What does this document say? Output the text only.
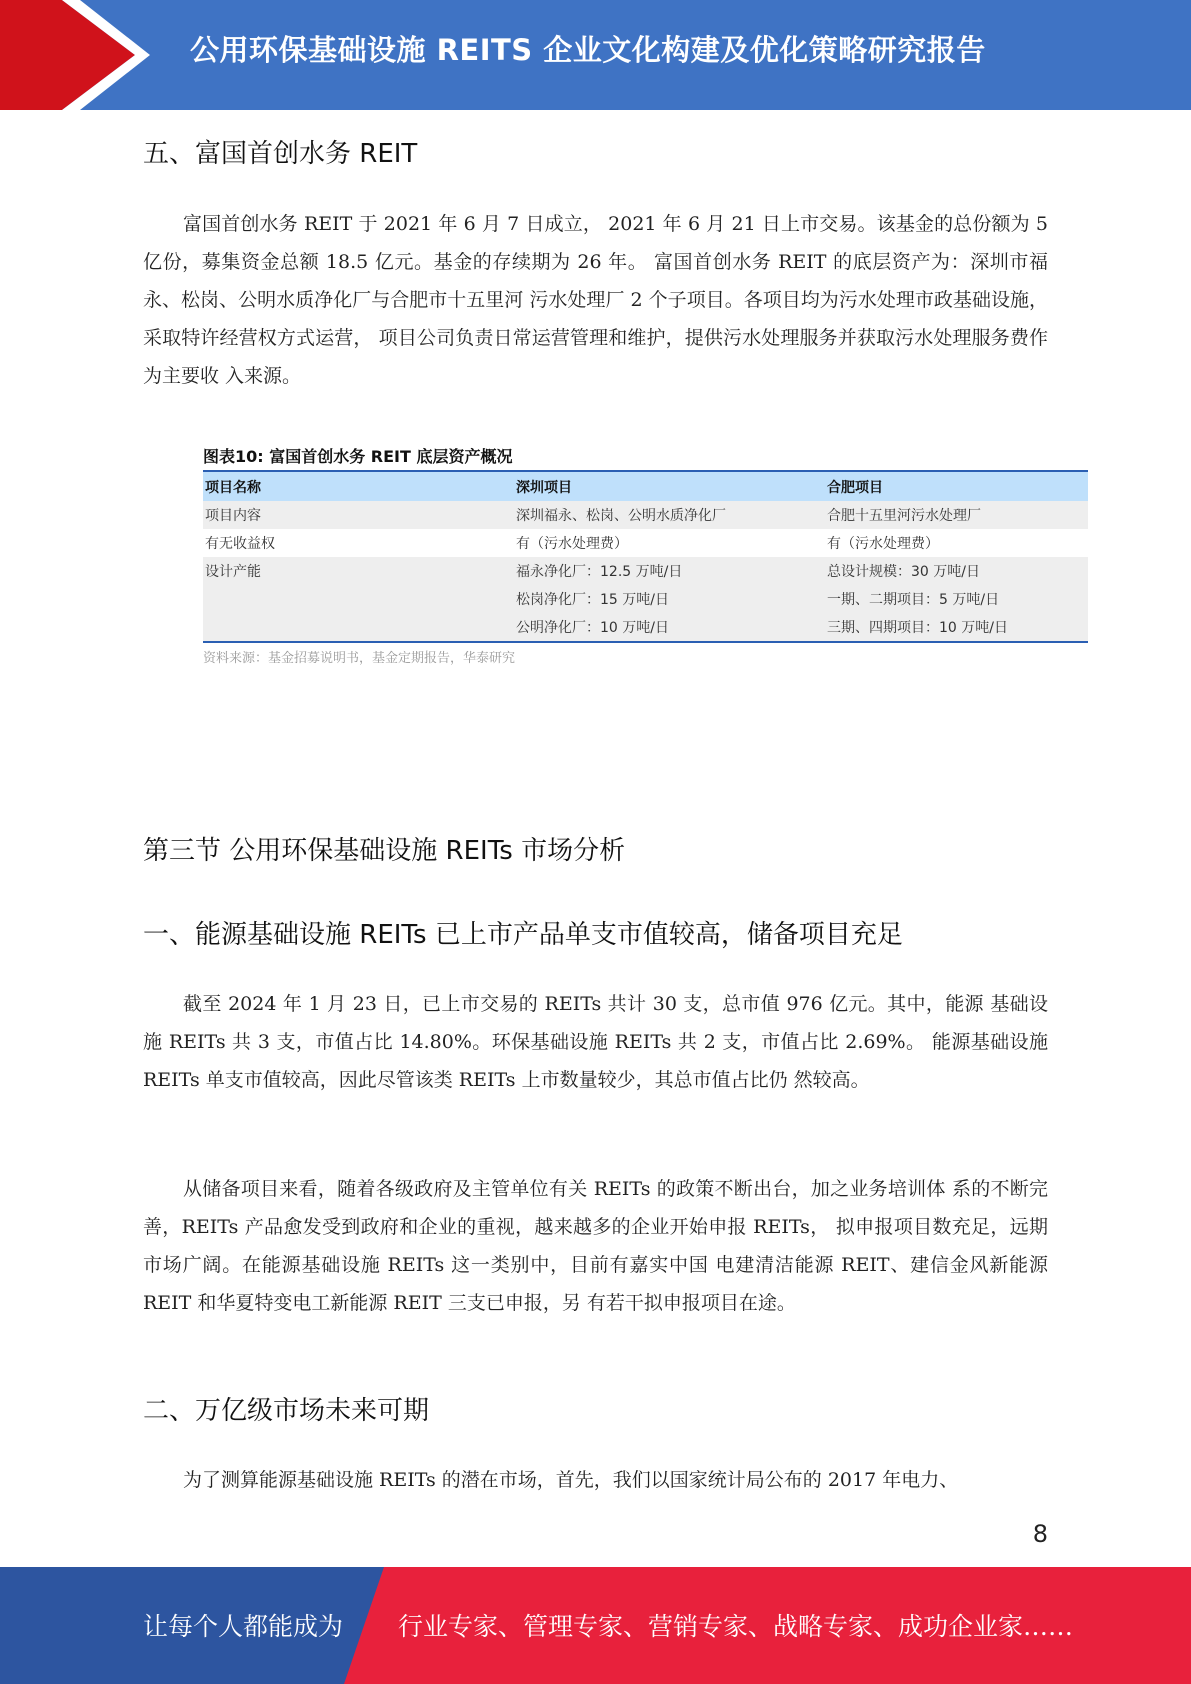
公用环保基础设施 REITS 企业文化构建及优化策略研究报告
五、富国首创水务 REIT
富国首创水务 REIT 于 2021 年 6 月 7 日成立， 2021 年 6 月 21 日上市交易。该基金的总份额为 5 亿份，募集资金总额 18.5 亿元。基金的存续期为 26 年。 富国首创水务 REIT 的底层资产为：深圳市福永、松岗、公明水质净化厂与合肥市十五里河 污水处理厂 2 个子项目。各项目均为污水处理市政基础设施，采取特许经营权方式运营， 项目公司负责日常运营管理和维护，提供污水处理服务并获取污水处理服务费作为主要收 入来源。
图表10: 富国首创水务 REIT 底层资产概况
项目名称	深圳项目	合肥项目
项目内容	深圳福永、松岗、公明水质净化厂	合肥十五里河污水处理厂
有无收益权	有（污水处理费）	有（污水处理费）
设计产能	福永净化厂：12.5 万吨/日	总设计规模：30 万吨/日
	松岗净化厂：15 万吨/日	一期、二期项目：5 万吨/日
	公明净化厂：10 万吨/日	三期、四期项目：10 万吨/日
资料来源：基金招募说明书，基金定期报告，华泰研究
第三节 公用环保基础设施 REITs 市场分析
一、能源基础设施 REITs 已上市产品单支市值较高，储备项目充足
截至 2024 年 1 月 23 日，已上市交易的 REITs 共计 30 支，总市值 976 亿元。其中，能源 基础设施 REITs 共 3 支，市值占比 14.80%。环保基础设施 REITs 共 2 支，市值占比 2.69%。 能源基础设施 REITs 单支市值较高，因此尽管该类 REITs 上市数量较少，其总市值占比仍 然较高。
从储备项目来看，随着各级政府及主管单位有关 REITs 的政策不断出台，加之业务培训体 系的不断完善，REITs 产品愈发受到政府和企业的重视，越来越多的企业开始申报 REITs， 拟申报项目数充足，远期市场广阔。在能源基础设施 REITs 这一类别中，目前有嘉实中国 电建清洁能源 REIT、建信金风新能源 REIT 和华夏特变电工新能源 REIT 三支已申报，另 有若干拟申报项目在途。
二、万亿级市场未来可期
为了测算能源基础设施 REITs 的潜在市场，首先，我们以国家统计局公布的 2017 年电力、
8
让每个人都能成为 行业专家、管理专家、营销专家、战略专家、成功企业家……
